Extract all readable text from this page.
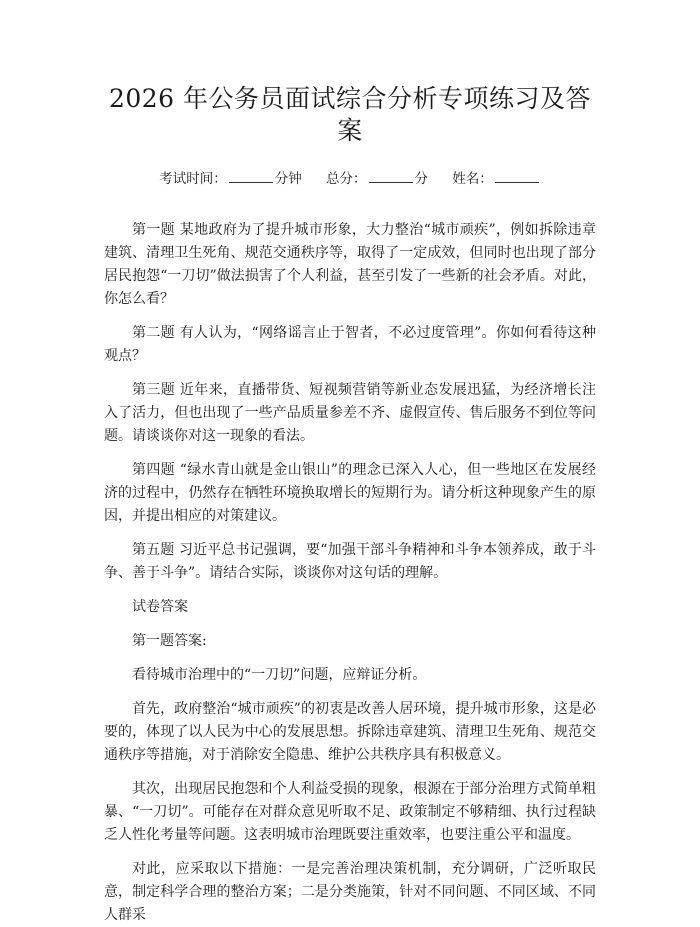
2026 年公务员面试综合分析专项练习及答案
考试时间：	分钟 总分：	分 姓名：

第一题 某地政府为了提升城市形象，大力整治“城市顽疾”，例如拆除违章建筑、清理卫生死角、规范交通秩序等，取得了一定成效，但同时也出现了部分居民抱怨“一刀切”做法损害了个人利益，甚至引发了一些新的社会矛盾。对此，你怎么看？

第二题 有人认为，“网络谣言止于智者，不必过度管理”。你如何看待这种观点？

第三题 近年来，直播带货、短视频营销等新业态发展迅猛，为经济增长注入了活力，但也出现了一些产品质量参差不齐、虚假宣传、售后服务不到位等问题。请谈谈你对这一现象的看法。

第四题 “绿水青山就是金山银山”的理念已深入人心，但一些地区在发展经济的过程中，仍然存在牺牲环境换取增长的短期行为。请分析这种现象产生的原因，并提出相应的对策建议。

第五题 习近平总书记强调，要“加强干部斗争精神和斗争本领养成，敢于斗争、善于斗争”。请结合实际，谈谈你对这句话的理解。

试卷答案

第一题答案:

看待城市治理中的“一刀切”问题，应辩证分析。

首先，政府整治“城市顽疾”的初衷是改善人居环境，提升城市形象，这是必要的，体现了以人民为中心的发展思想。拆除违章建筑、清理卫生死角、规范交通秩序等措施，对于消除安全隐患、维护公共秩序具有积极意义。

其次，出现居民抱怨和个人利益受损的现象，根源在于部分治理方式简单粗暴、“一刀切”。可能存在对群众意见听取不足、政策制定不够精细、执行过程缺乏人性化考量等问题。这表明城市治理既要注重效率，也要注重公平和温度。

对此，应采取以下措施：一是完善治理决策机制，充分调研，广泛听取民意，制定科学合理的整治方案；二是分类施策，针对不同问题、不同区域、不同人群采
